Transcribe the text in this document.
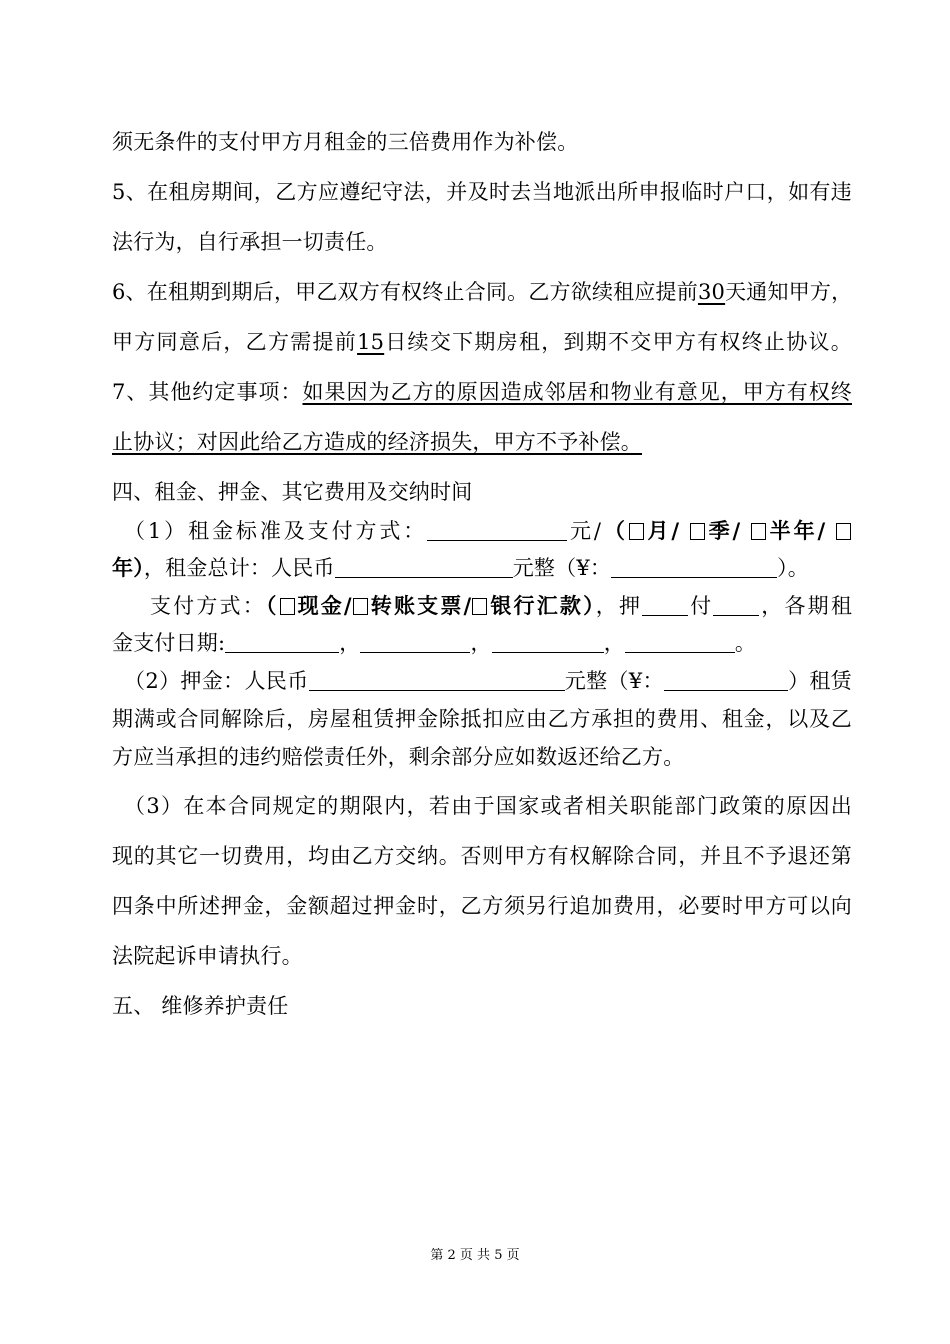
须无条件的支付甲方月租金的三倍费用作为补偿。
5、在租房期间，乙方应遵纪守法，并及时去当地派出所申报临时户口，如有违
法行为，自行承担一切责任。
6、在租期到期后，甲乙双方有权终止合同。乙方欲续租应提前30天通知甲方，
甲方同意后，乙方需提前15日续交下期房租，到期不交甲方有权终止协议。
7、其他约定事项：如果因为乙方的原因造成邻居和物业有意见，甲方有权终
止协议；对因此给乙方造成的经济损失，甲方不予补偿。
四、租金、押金、其它费用及交纳时间
（1）租金标准及支付方式：	元/（ 月/ 季/ 半年/
年），租金总计：人民币	元整（¥：	）。
支付方式：（ 现金/ 转账支票/ 银行汇款），押 付 ，各期租
金支付日期:	，	，	，	。
（2）押金：人民币	元整（¥：	）租赁
期满或合同解除后，房屋租赁押金除抵扣应由乙方承担的费用、租金，以及乙
方应当承担的违约赔偿责任外，剩余部分应如数返还给乙方。
（3）在本合同规定的期限内，若由于国家或者相关职能部门政策的原因出
现的其它一切费用，均由乙方交纳。否则甲方有权解除合同，并且不予退还第
四条中所述押金，金额超过押金时，乙方须另行追加费用，必要时甲方可以向
法院起诉申请执行。
五、 维修养护责任
第 2 页 共 5 页
